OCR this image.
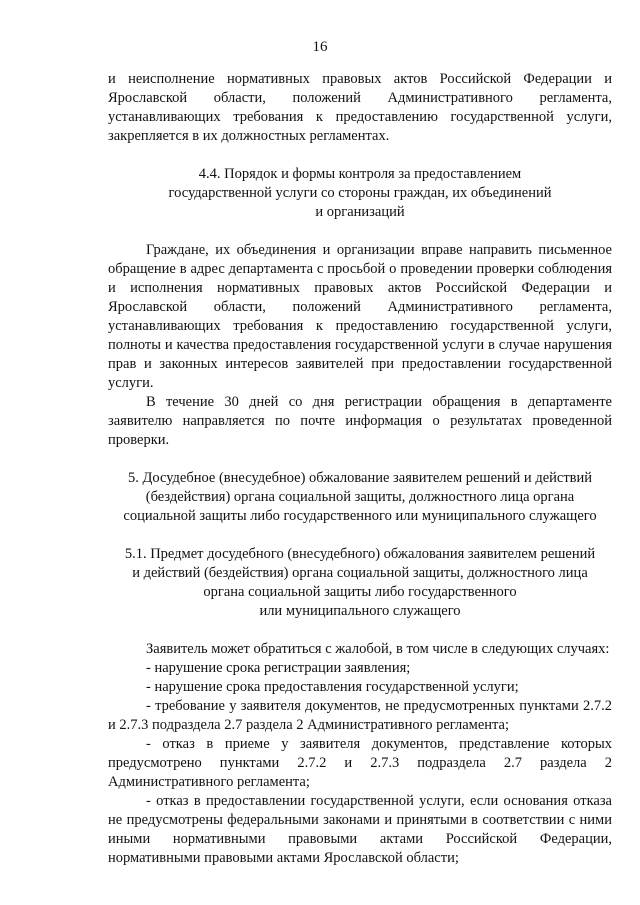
16

и неисполнение нормативных правовых актов Российской Федерации и Ярославской области, положений Административного регламента, устанавливающих требования к предоставлению государственной услуги, закрепляется в их должностных регламентах.

4.4. Порядок и формы контроля за предоставлением
государственной услуги со стороны граждан, их объединений
и организаций

Граждане, их объединения и организации вправе направить письменное обращение в адрес департамента с просьбой о проведении проверки соблюдения и исполнения нормативных правовых актов Российской Федерации и Ярославской области, положений Административного регламента, устанавливающих требования к предоставлению государственной услуги, полноты и качества предоставления государственной услуги в случае нарушения прав и законных интересов заявителей при предоставлении государственной услуги.

В течение 30 дней со дня регистрации обращения в департаменте заявителю направляется по почте информация о результатах проведенной проверки.

5. Досудебное (внесудебное) обжалование заявителем решений и действий
(бездействия) органа социальной защиты, должностного лица органа
социальной защиты либо государственного или муниципального служащего
5.1. Предмет досудебного (внесудебного) обжалования заявителем решений
и действий (бездействия) органа социальной защиты, должностного лица
органа социальной защиты либо государственного
или муниципального служащего

Заявитель может обратиться с жалобой, в том числе в следующих случаях:

- нарушение срока регистрации заявления;

- нарушение срока предоставления государственной услуги;

- требование у заявителя документов, не предусмотренных пунктами 2.7.2 и 2.7.3 подраздела 2.7 раздела 2 Административного регламента;

- отказ в приеме у заявителя документов, представление которых предусмотрено пунктами 2.7.2 и 2.7.3 подраздела 2.7 раздела 2 Административного регламента;

- отказ в предоставлении государственной услуги, если основания отказа не предусмотрены федеральными законами и принятыми в соответствии с ними иными нормативными правовыми актами Российской Федерации, нормативными правовыми актами Ярославской области;
